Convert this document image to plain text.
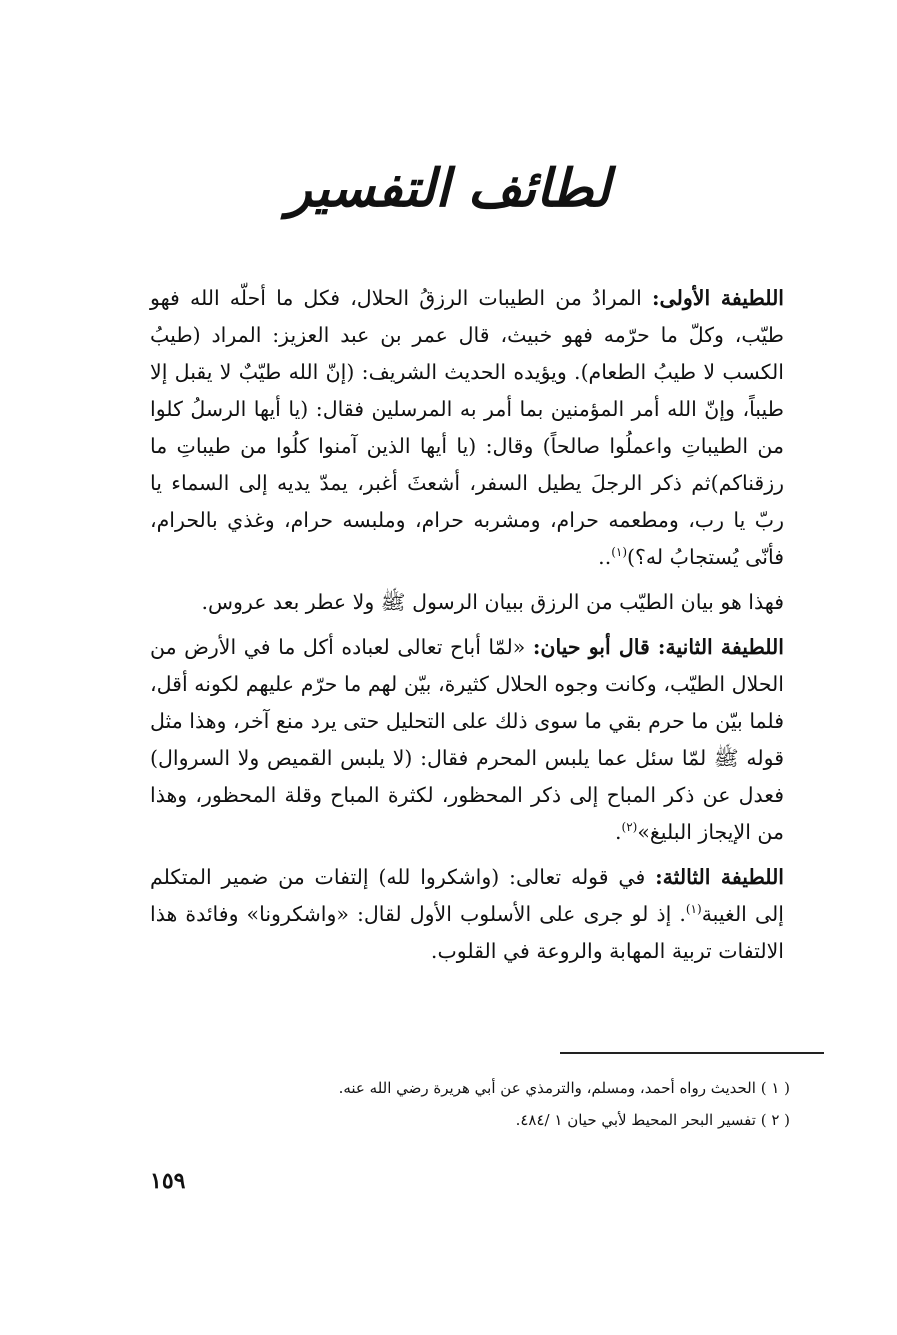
لطائف التفسير

اللطيفة الأولى: المرادُ من الطيبات الرزقُ الحلال، فكل ما أحلّه الله فهو طيّب، وكلّ ما حرّمه فهو خبيث، قال عمر بن عبد العزيز: المراد (طيبُ الكسب لا طيبُ الطعام). ويؤيده الحديث الشريف: (إنّ الله طيّبٌ لا يقبل إلا طيباً، وإنّ الله أمر المؤمنين بما أمر به المرسلين فقال: (يا أيها الرسلُ كلوا من الطيباتِ واعملُوا صالحاً) وقال: (يا أيها الذين آمنوا كلُوا من طيباتِ ما رزقناكم)ثم ذكر الرجلَ يطيل السفر، أشعثَ أغبر، يمدّ يديه إلى السماء يا ربّ يا رب، ومطعمه حرام، ومشربه حرام، وملبسه حرام، وغذي بالحرام، فأنّى يُستجابُ له؟)$^{(١)}$..

فهذا هو بيان الطيّب من الرزق ببيان الرسول ﷺ ولا عطر بعد عروس.

اللطيفة الثانية: قال أبو حيان: «لمّا أباح تعالى لعباده أكل ما في الأرض من الحلال الطيّب، وكانت وجوه الحلال كثيرة، بيّن لهم ما حرّم عليهم لكونه أقل، فلما بيّن ما حرم بقي ما سوى ذلك على التحليل حتى يرد منع آخر، وهذا مثل قوله ﷺ لمّا سئل عما يلبس المحرم فقال: (لا يلبس القميص ولا السروال) فعدل عن ذكر المباح إلى ذكر المحظور، لكثرة المباح وقلة المحظور، وهذا من الإيجاز البليغ»$^{(٢)}$.

اللطيفة الثالثة: في قوله تعالى: (واشكروا لله) إلتفات من ضمير المتكلم إلى الغيبة$^{(١)}$. إذ لو جرى على الأسلوب الأول لقال: «واشكرونا» وفائدة هذا الالتفات تربية المهابة والروعة في القلوب.

( ١ ) الحديث رواه أحمد، ومسلم، والترمذي عن أبي هريرة رضي الله عنه.
( ٢ ) تفسير البحر المحيط لأبي حيان ١ /٤٨٤.
١٥٩
